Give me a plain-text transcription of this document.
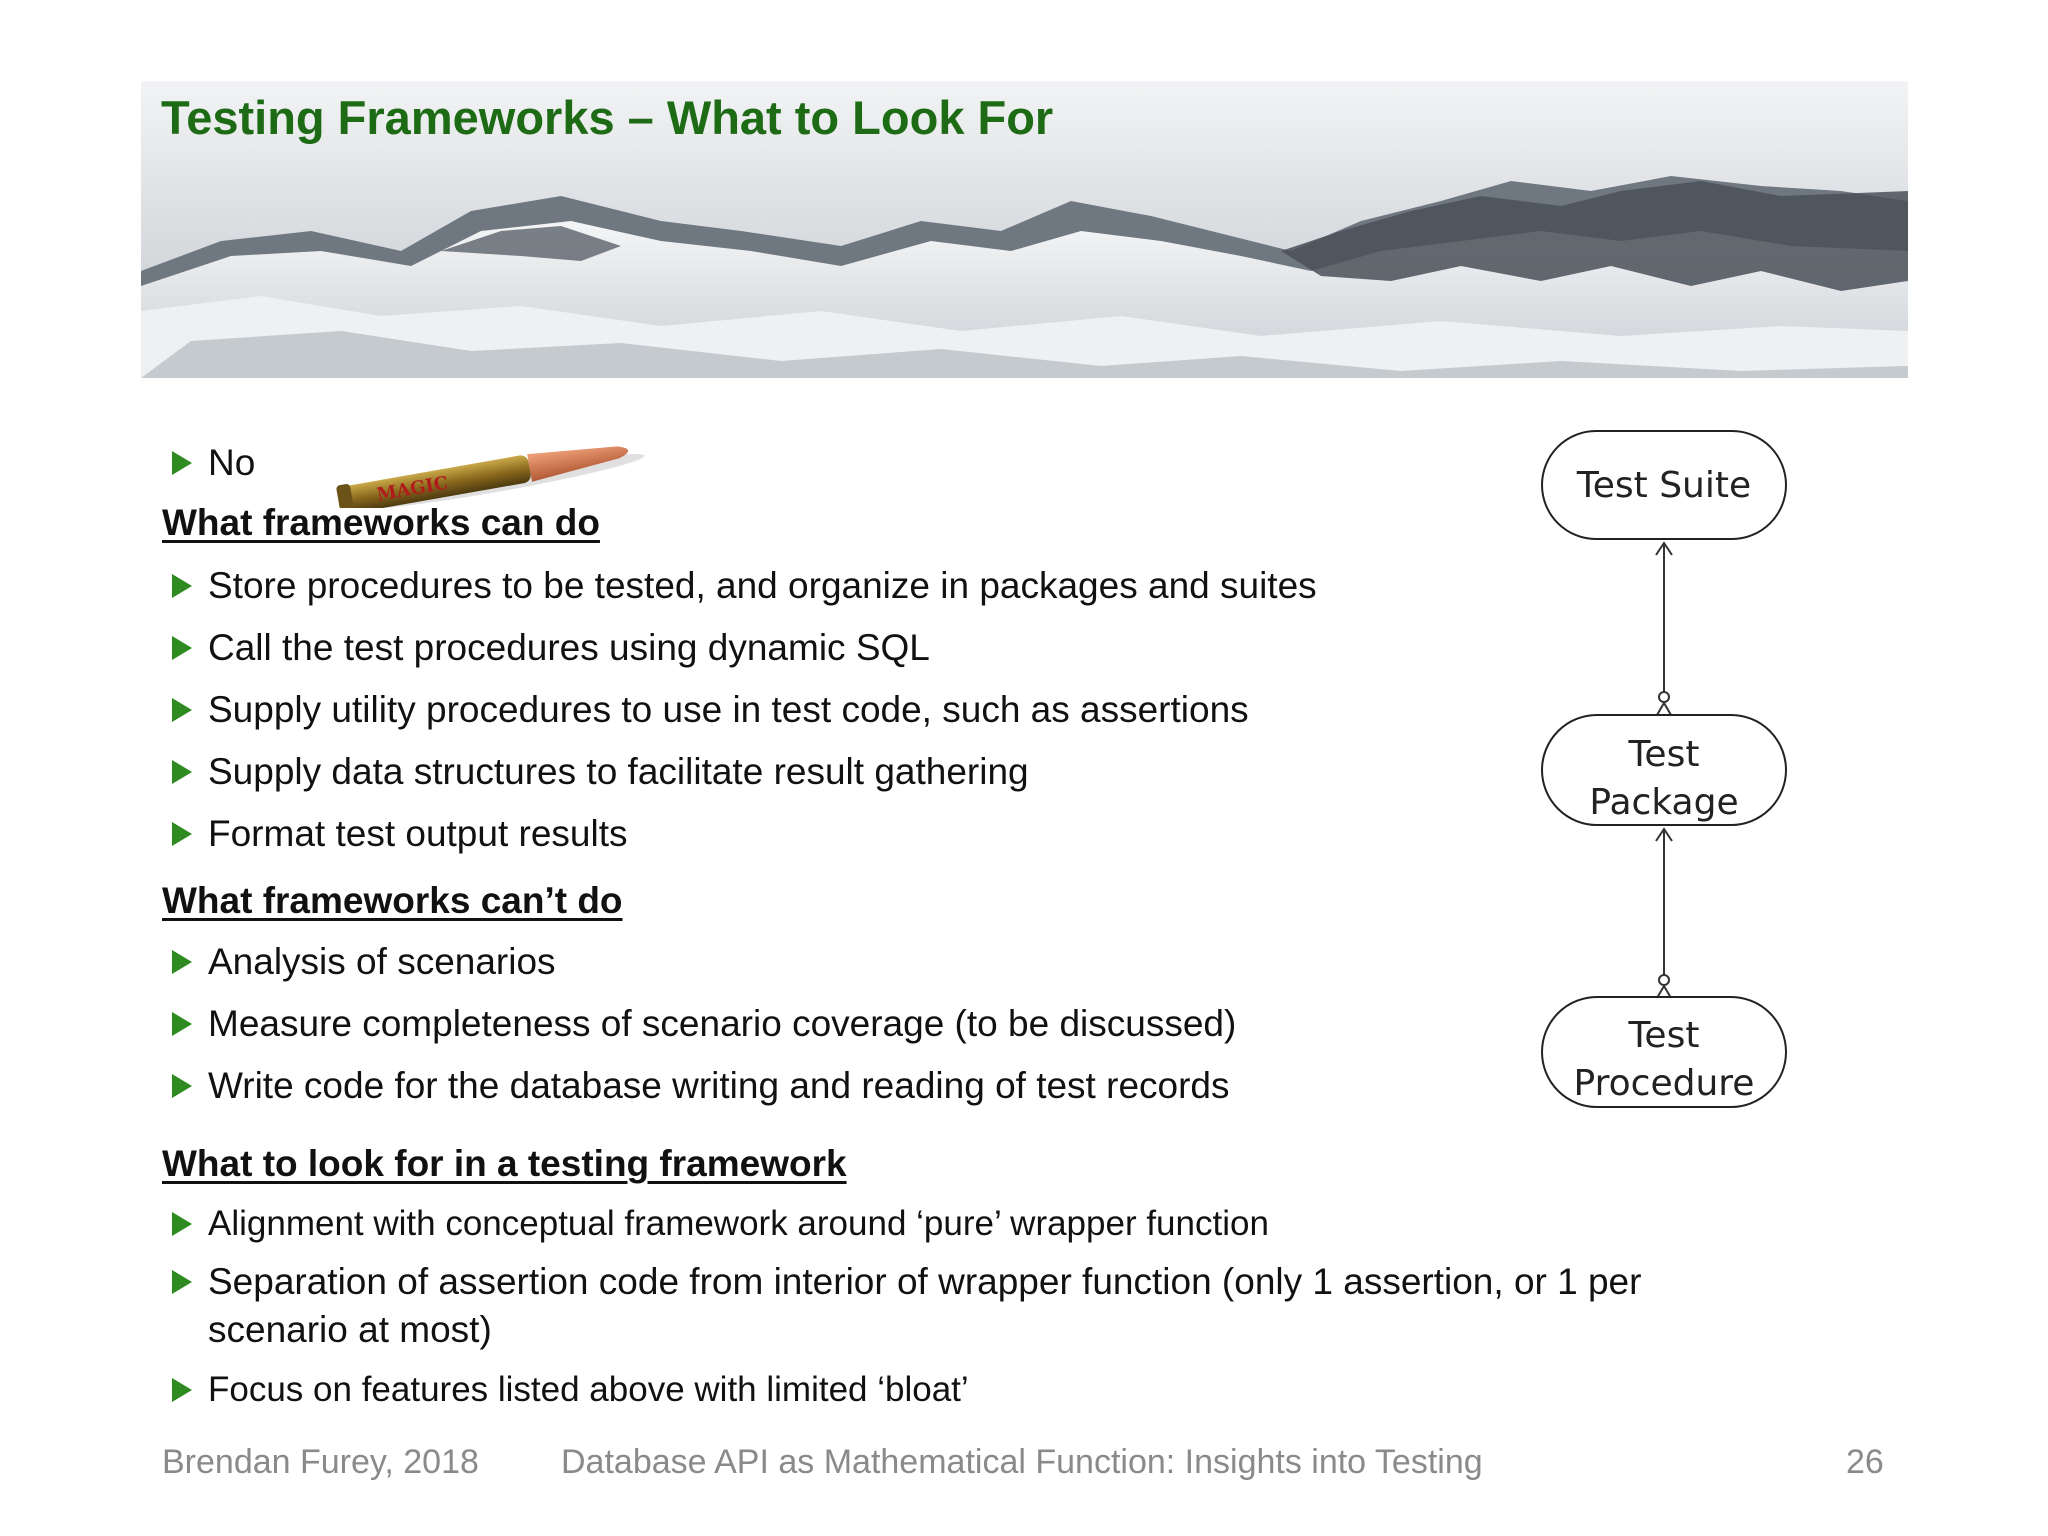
Testing Frameworks – What to Look For
No
MAGIC
What frameworks can do
Store procedures to be tested, and organize in packages and suites
Call the test procedures using dynamic SQL
Supply utility procedures to use in test code, such as assertions
Supply data structures to facilitate result gathering
Format test output results
What frameworks can’t do
Analysis of scenarios
Measure completeness of scenario coverage (to be discussed)
Write code for the database writing and reading of test records
What to look for in a testing framework
Alignment with conceptual framework around ‘pure’ wrapper function
Separation of assertion code from interior of wrapper function (only 1 assertion, or 1 per scenario at most)
Focus on features listed above with limited ‘bloat’
Test Suite
Test
Package
Test
Procedure
Brendan Furey, 2018 Database API as Mathematical Function: Insights into Testing	26
